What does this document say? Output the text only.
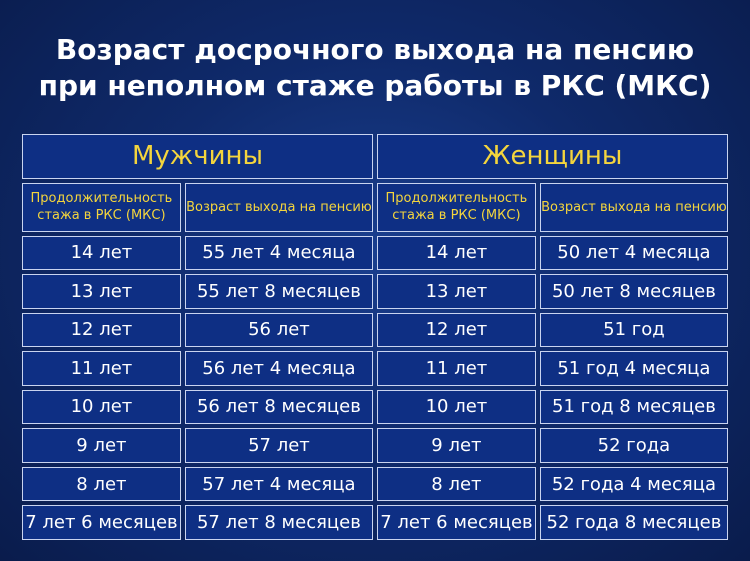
Возраст досрочного выхода на пенсию
при неполном стаже работы в РКС (МКС)
Мужчины		Женщины	
Продолжительность стажа в РКС (МКС)	Возраст выхода на пенсию	Продолжительность стажа в РКС (МКС)	Возраст выхода на пенсию
14 лет	55 лет 4 месяца	14 лет	50 лет 4 месяца
13 лет	55 лет 8 месяцев	13 лет	50 лет 8 месяцев
12 лет	56 лет	12 лет	51 год
11 лет	56 лет 4 месяца	11 лет	51 год 4 месяца
10 лет	56 лет 8 месяцев	10 лет	51 год 8 месяцев
9 лет	57 лет	9 лет	52 года
8 лет	57 лет 4 месяца	8 лет	52 года 4 месяца
7 лет 6 месяцев	57 лет 8 месяцев	7 лет 6 месяцев	52 года 8 месяцев
